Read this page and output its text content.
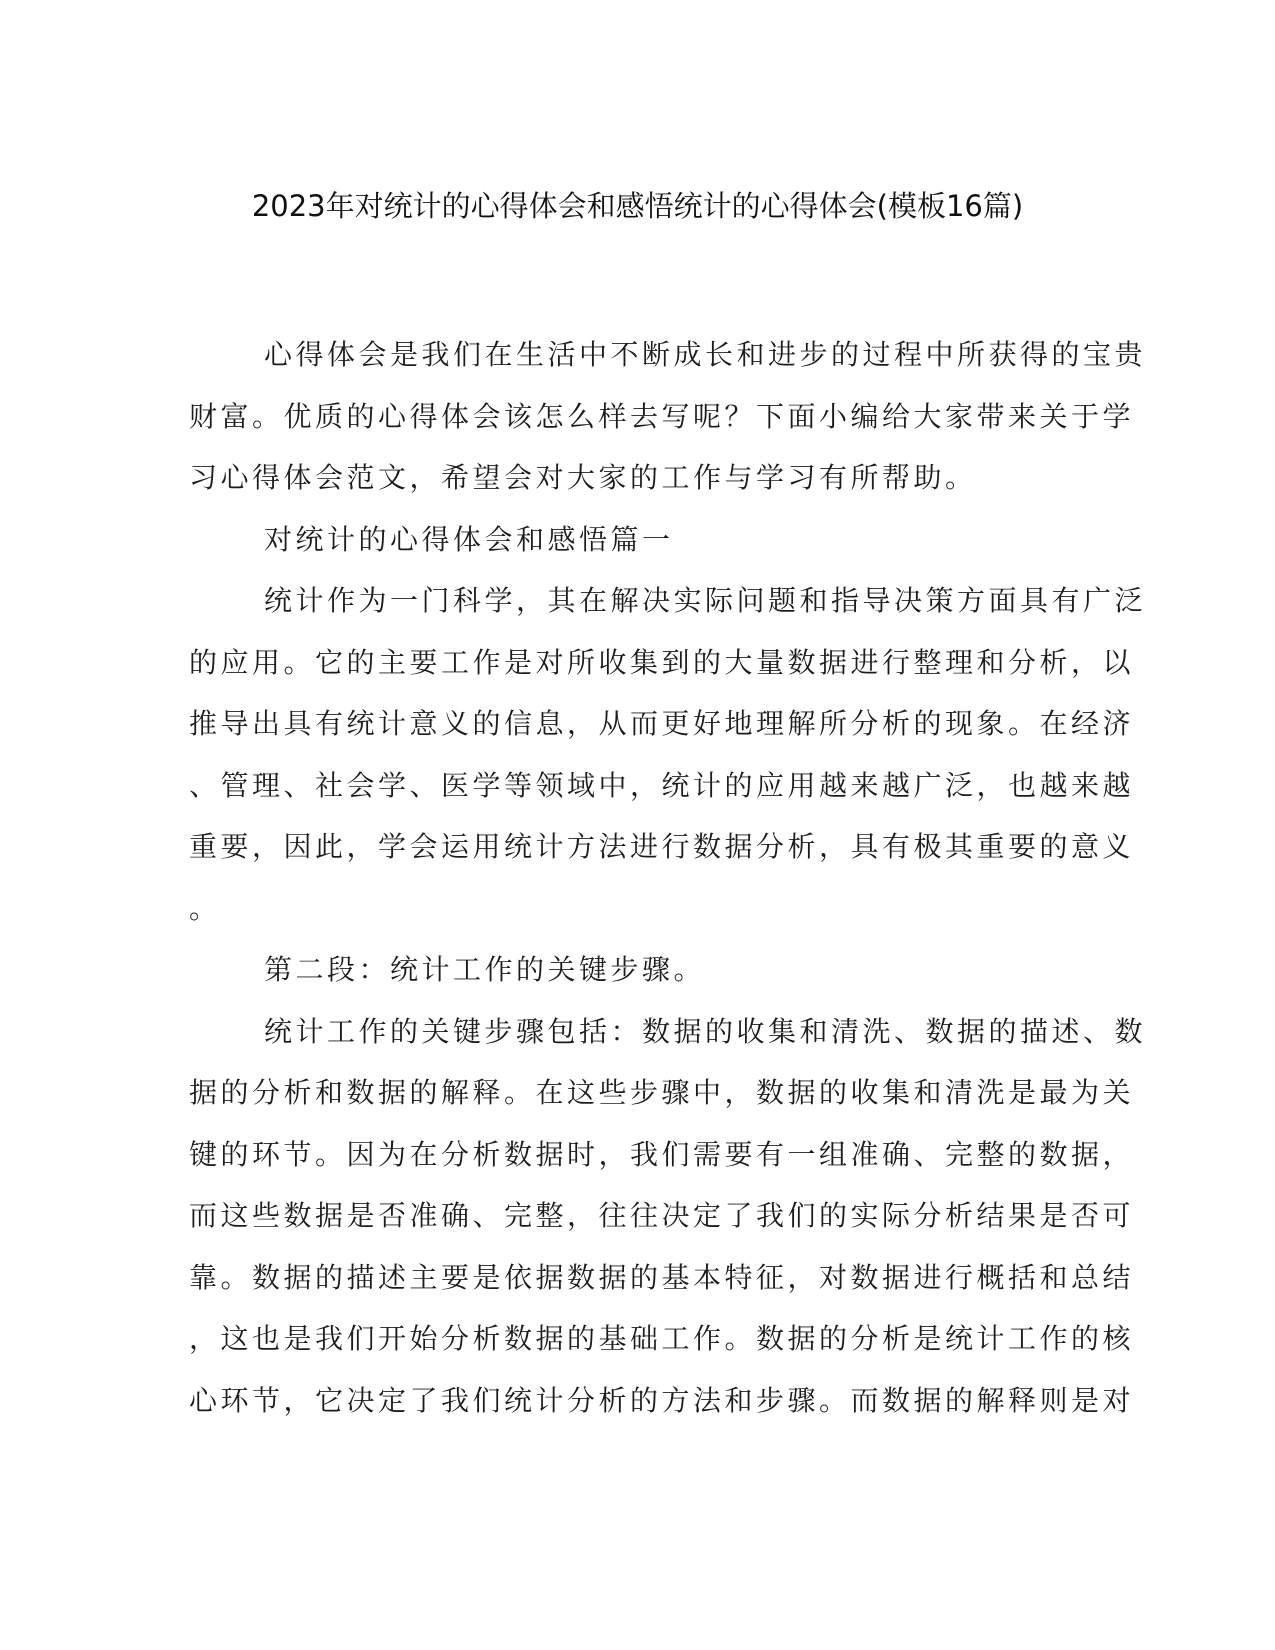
2023年对统计的心得体会和感悟统计的心得体会(模板16篇)

心得体会是我们在生活中不断成长和进步的过程中所获得的宝贵

财富。优质的心得体会该怎么样去写呢？下面小编给大家带来关于学

习心得体会范文，希望会对大家的工作与学习有所帮助。

对统计的心得体会和感悟篇一

统计作为一门科学，其在解决实际问题和指导决策方面具有广泛

的应用。它的主要工作是对所收集到的大量数据进行整理和分析，以

推导出具有统计意义的信息，从而更好地理解所分析的现象。在经济

、管理、社会学、医学等领域中，统计的应用越来越广泛，也越来越

重要，因此，学会运用统计方法进行数据分析，具有极其重要的意义

。

第二段：统计工作的关键步骤。

统计工作的关键步骤包括：数据的收集和清洗、数据的描述、数

据的分析和数据的解释。在这些步骤中，数据的收集和清洗是最为关

键的环节。因为在分析数据时，我们需要有一组准确、完整的数据，

而这些数据是否准确、完整，往往决定了我们的实际分析结果是否可

靠。数据的描述主要是依据数据的基本特征，对数据进行概括和总结

，这也是我们开始分析数据的基础工作。数据的分析是统计工作的核

心环节，它决定了我们统计分析的方法和步骤。而数据的解释则是对
